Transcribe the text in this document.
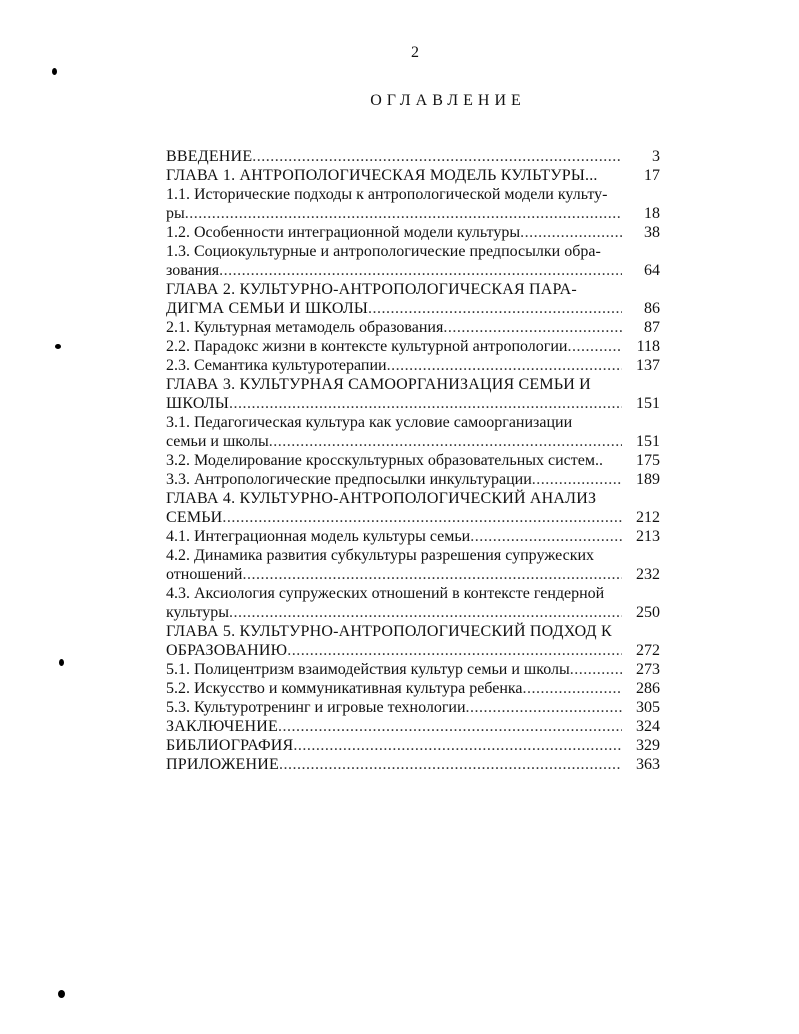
2
ОГЛАВЛЕНИЕ
ВВЕДЕНИЕ .....	3
ГЛАВА 1. АНТРОПОЛОГИЧЕСКАЯ МОДЕЛЬ КУЛЬТУРЫ...	17
1.1. Исторические подходы к антропологической модели культу-
ры .....	18
1.2. Особенности интеграционной модели культуры .....	38
1.3. Социокультурные и антропологические предпосылки обра-
зования .....	64
ГЛАВА 2. КУЛЬТУРНО-АНТРОПОЛОГИЧЕСКАЯ ПАРА-
ДИГМА СЕМЬИ И ШКОЛЫ .....	86
2.1. Культурная метамодель образования .....	87
2.2. Парадокс жизни в контексте культурной антропологии .....	118
2.3. Семантика культуротерапии .....	137
ГЛАВА 3. КУЛЬТУРНАЯ САМООРГАНИЗАЦИЯ СЕМЬИ И
ШКОЛЫ .....	151
3.1. Педагогическая культура как условие самоорганизации
семьи и школы .....	151
3.2. Моделирование кросскультурных образовательных систем..	175
3.3. Антропологические предпосылки инкультурации .....	189
ГЛАВА 4. КУЛЬТУРНО-АНТРОПОЛОГИЧЕСКИЙ АНАЛИЗ
СЕМЬИ .....	212
4.1. Интеграционная модель культуры семьи .....	213
4.2. Динамика развития субкультуры разрешения супружеских
отношений .....	232
4.3. Аксиология супружеских отношений в контексте гендерной
культуры .....	250
ГЛАВА 5. КУЛЬТУРНО-АНТРОПОЛОГИЧЕСКИЙ ПОДХОД К
ОБРАЗОВАНИЮ .....	272
5.1. Полицентризм взаимодействия культур семьи и школы .....	273
5.2. Искусство и коммуникативная культура ребенка .....	286
5.3. Культуротренинг и игровые технологии .....	305
ЗАКЛЮЧЕНИЕ .....	324
БИБЛИОГРАФИЯ .....	329
ПРИЛОЖЕНИЕ .....	363
